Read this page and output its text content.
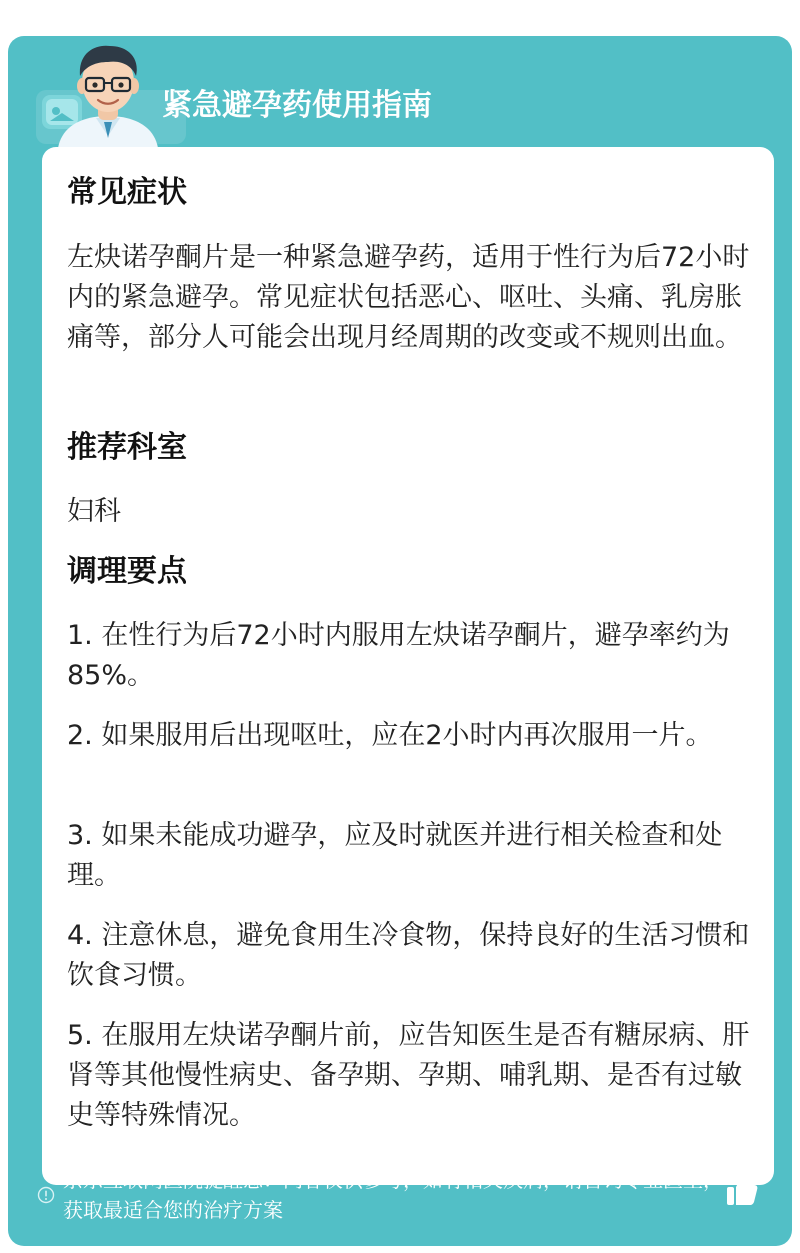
紧急避孕药使用指南
常见症状
左炔诺孕酮片是一种紧急避孕药，适用于性行为后72小时内的紧急避孕。常见症状包括恶心、呕吐、头痛、乳房胀痛等，部分人可能会出现月经周期的改变或不规则出血。
推荐科室
妇科
调理要点
1. 在性行为后72小时内服用左炔诺孕酮片，避孕率约为85%。
2. 如果服用后出现呕吐，应在2小时内再次服用一片。
3. 如果未能成功避孕，应及时就医并进行相关检查和处理。
4. 注意休息，避免食用生冷食物，保持良好的生活习惯和饮食习惯。
5. 在服用左炔诺孕酮片前，应告知医生是否有糖尿病、肝肾等其他慢性病史、备孕期、孕期、哺乳期、是否有过敏史等特殊情况。
京东互联网医院提醒您：内容仅供参考，如有相关疾病，请咨询专业医生，获取最适合您的治疗方案
